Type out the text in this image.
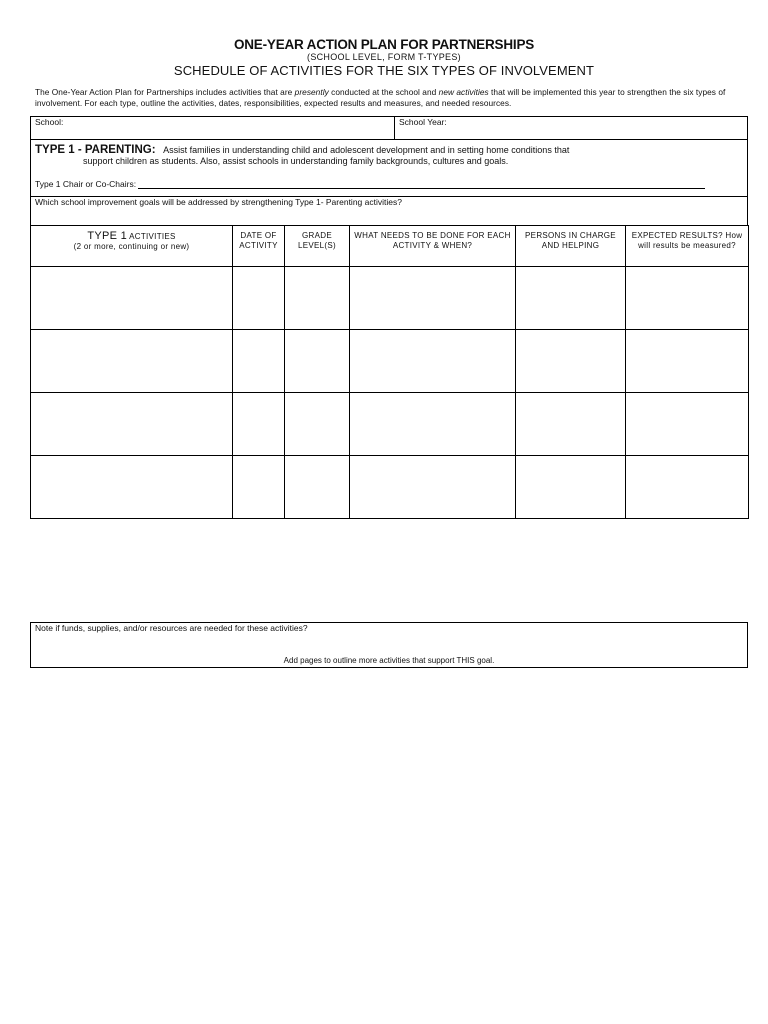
ONE-YEAR ACTION PLAN FOR PARTNERSHIPS
(SCHOOL LEVEL, FORM T-TYPES)
SCHEDULE OF ACTIVITIES FOR THE SIX TYPES OF INVOLVEMENT
The One-Year Action Plan for Partnerships includes activities that are presently conducted at the school and new activities that will be implemented this year to strengthen the six types of involvement. For each type, outline the activities, dates, responsibilities, expected results and measures, and needed resources.
School:	School Year:
TYPE 1 - PARENTING: Assist families in understanding child and adolescent development and in setting home conditions that
support children as students. Also, assist schools in understanding family backgrounds, cultures and goals.
Type 1 Chair or Co-Chairs:
Which school improvement goals will be addressed by strengthening Type 1- Parenting activities?
TYPE 1 ACTIVITIES
(2 or more, continuing or new)	DATE OF ACTIVITY	GRADE LEVEL(S)	WHAT NEEDS TO BE DONE FOR EACH ACTIVITY & WHEN?	PERSONS IN CHARGE AND HELPING	EXPECTED RESULTS? How will results be measured?

Note if funds, supplies, and/or resources are needed for these activities?
Add pages to outline more activities that support THIS goal.
